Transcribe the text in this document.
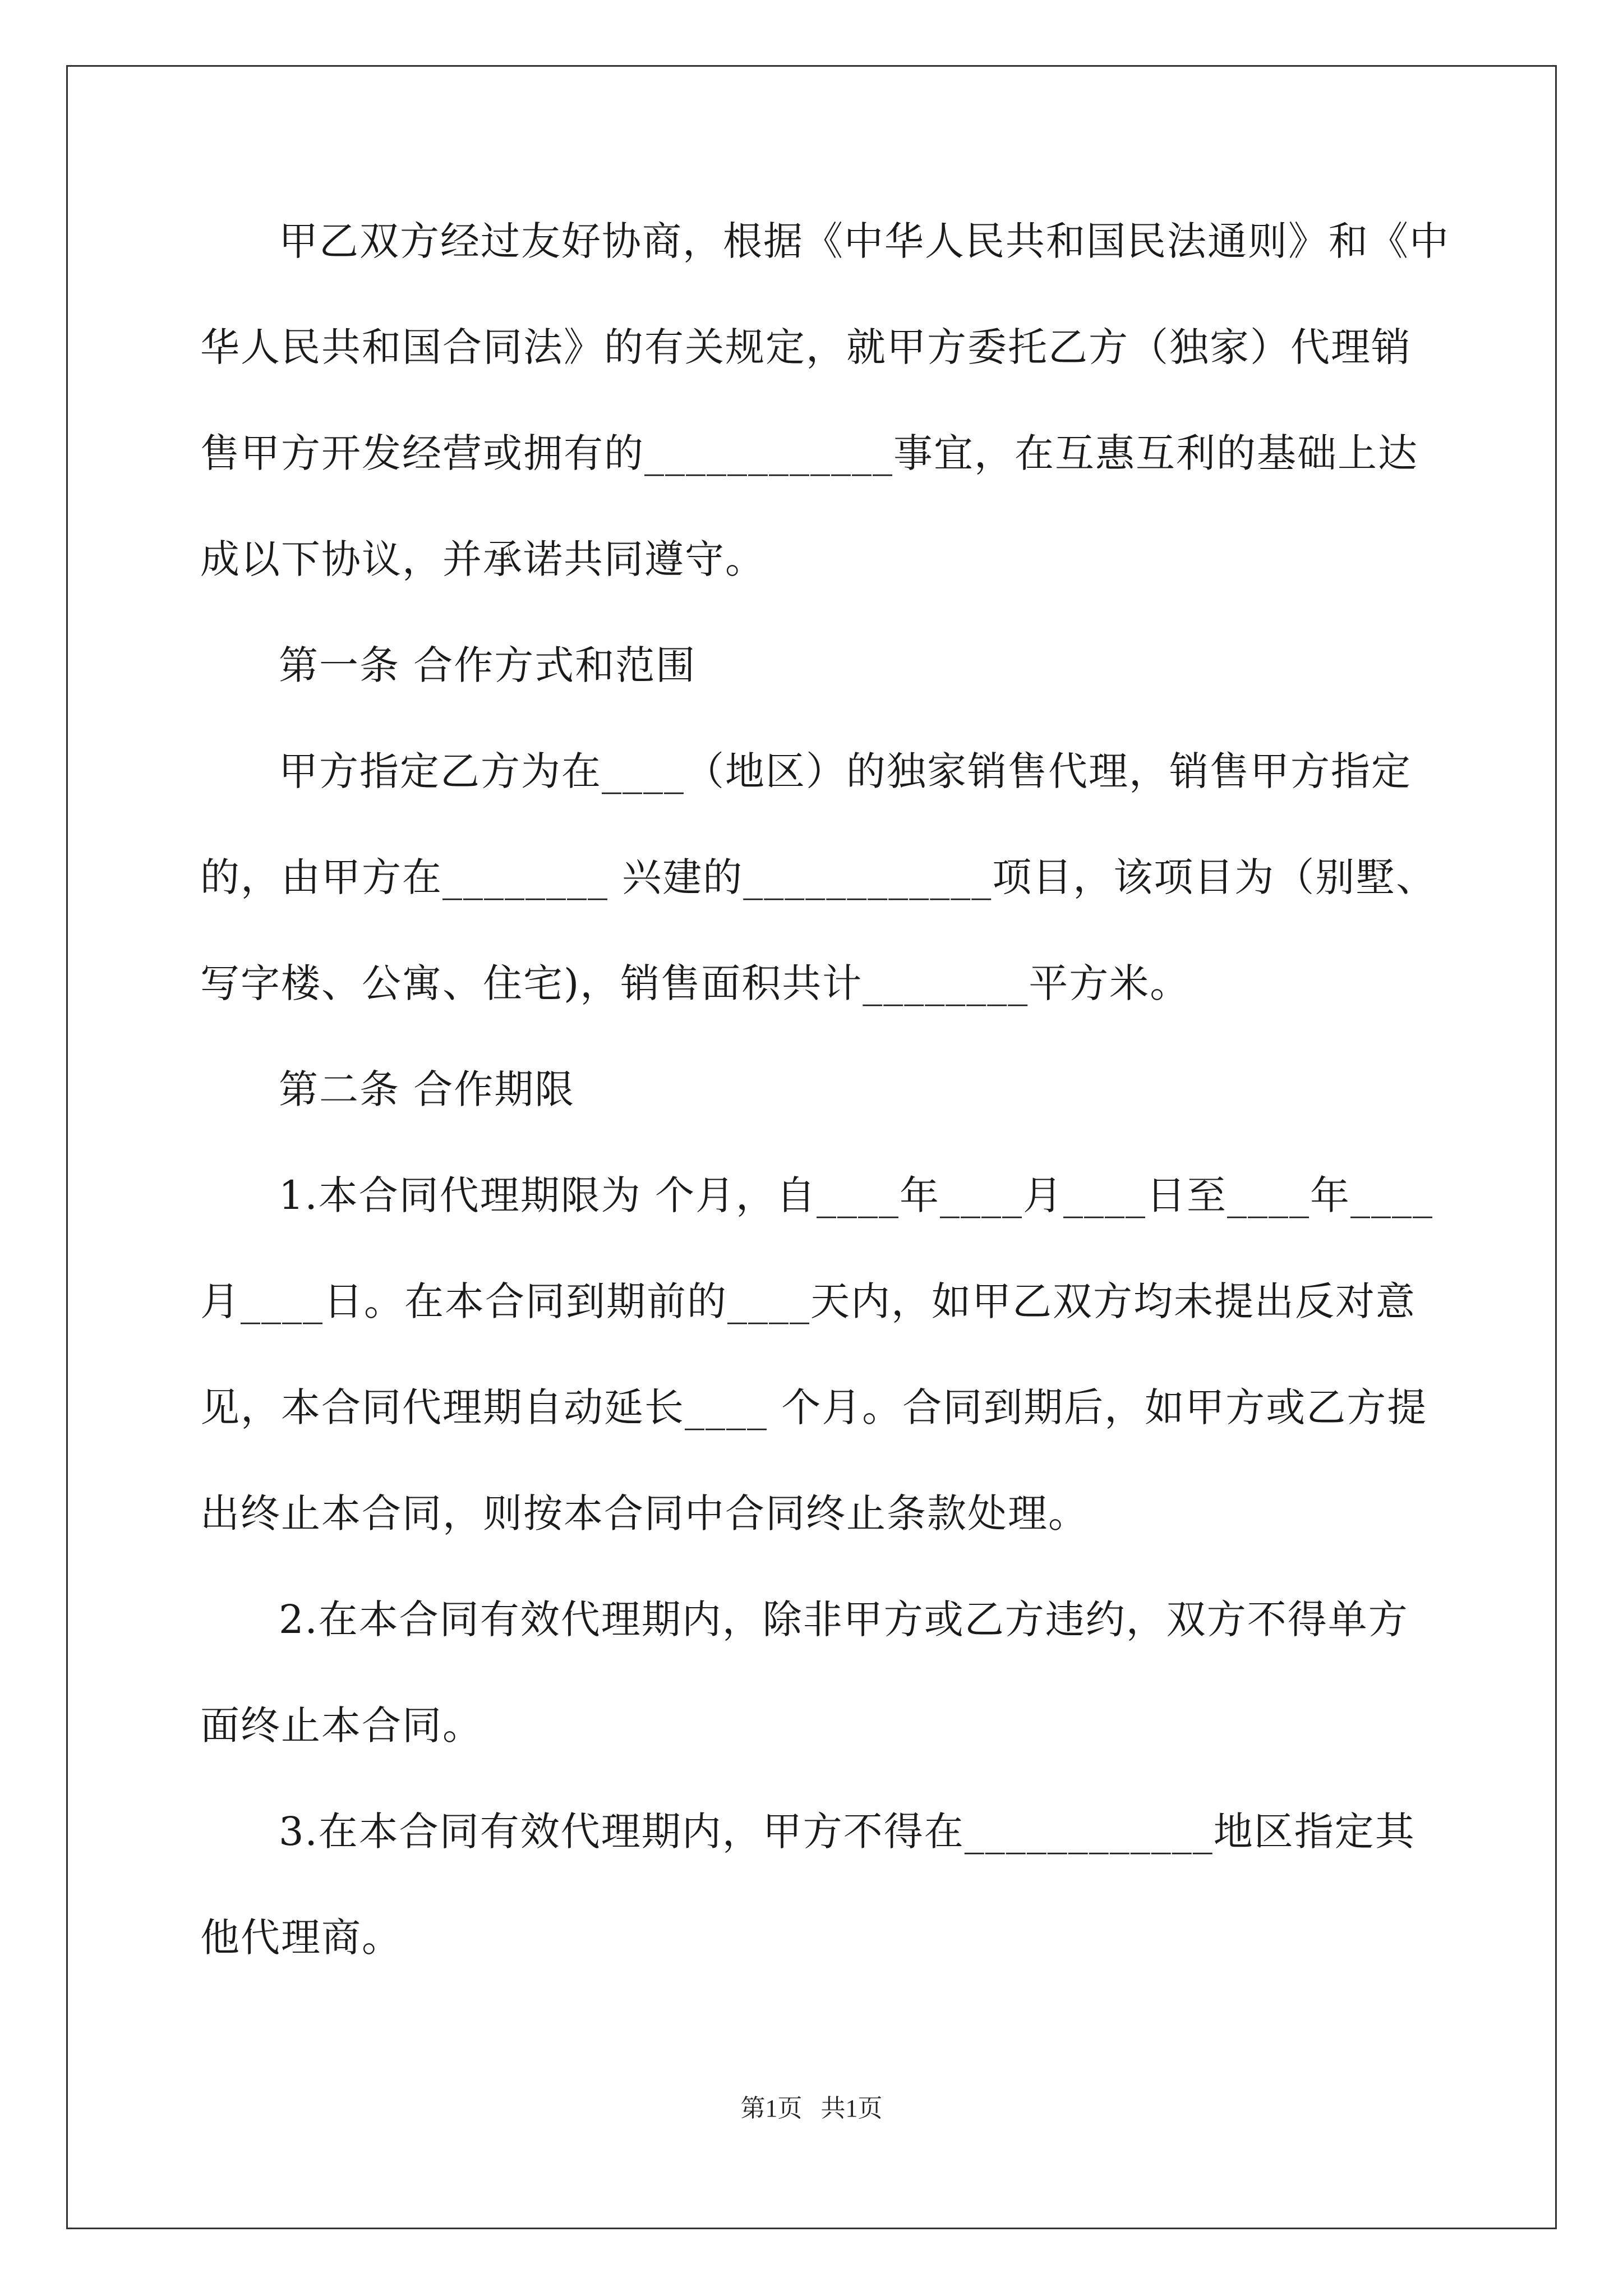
甲乙双方经过友好协商，根据《中华人民共和国民法通则》和《中
华人民共和国合同法》的有关规定，就甲方委托乙方（独家）代理销
售甲方开发经营或拥有的____________事宜，在互惠互利的基础上达
成以下协议，并承诺共同遵守。
第一条 合作方式和范围
甲方指定乙方为在____（地区）的独家销售代理，销售甲方指定
的，由甲方在________ 兴建的____________项目，该项目为（别墅、
写字楼、公寓、住宅)，销售面积共计________平方米。
第二条 合作期限
1.本合同代理期限为 个月，自____年____月____日至____年____
月____日。在本合同到期前的____天内，如甲乙双方均未提出反对意
见，本合同代理期自动延长____ 个月。合同到期后，如甲方或乙方提
出终止本合同，则按本合同中合同终止条款处理。
2.在本合同有效代理期内，除非甲方或乙方违约，双方不得单方
面终止本合同。
3.在本合同有效代理期内，甲方不得在____________地区指定其
他代理商。
第1页   共1页
